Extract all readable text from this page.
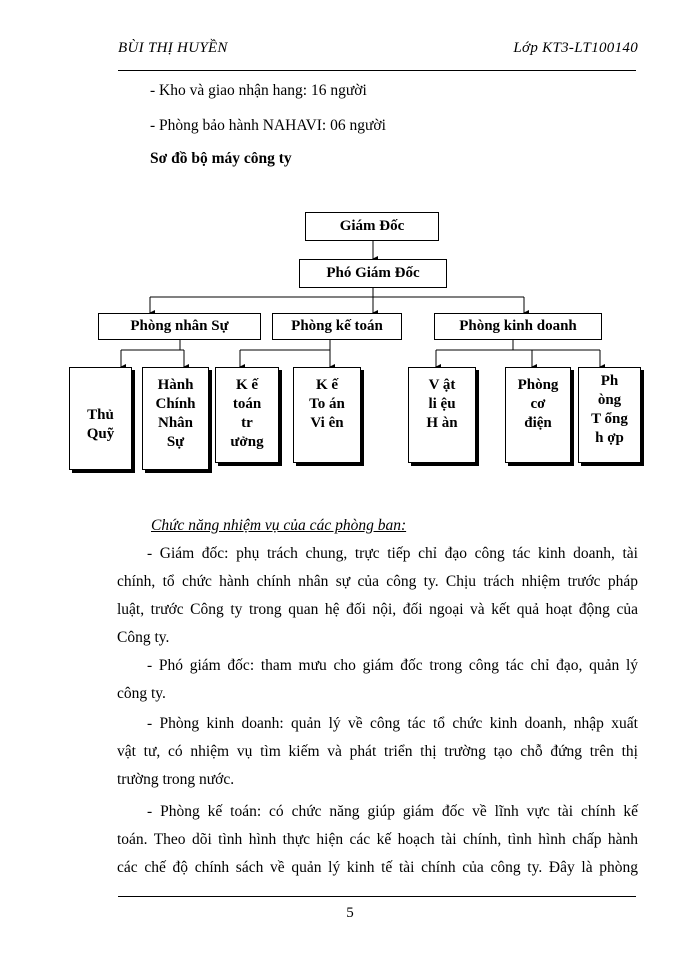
BÙI THỊ HUYỀN	Lớp KT3-LT100140
- Kho và giao nhận hang: 16 người
- Phòng bảo hành NAHAVI: 06 người
Sơ đồ bộ máy công ty
Giám Đốc
Phó Giám Đốc
Phòng nhân Sự	Phòng kế toán	Phòng kinh doanh
Thủ
Quỹ
Hành
Chính
Nhân
Sự
K ế
toán
tr
ưởng
K ế
To án
Vi ên
V ật
li ệu
H àn
Phòng
cơ
điện
Ph
òng
T ổng
h ợp
Chức năng nhiệm vụ của các phòng ban:
- Giám đốc: phụ trách chung, trực tiếp chỉ đạo công tác kinh doanh, tài
chính, tổ chức hành chính nhân sự của công ty. Chịu trách nhiệm trước pháp
luật, trước Công ty trong quan hệ đối nội, đối ngoại và kết quả hoạt động của
Công ty.
- Phó giám đốc: tham mưu cho giám đốc trong công tác chỉ đạo, quản lý
công ty.
- Phòng kinh doanh: quản lý về công tác tổ chức kinh doanh, nhập xuất
vật tư, có nhiệm vụ tìm kiếm và phát triển thị trường tạo chỗ đứng trên thị
trường trong nước.
- Phòng kế toán: có chức năng giúp giám đốc về lĩnh vực tài chính kế
toán. Theo dõi tình hình thực hiện các kế hoạch tài chính, tình hình chấp hành
các chế độ chính sách về quản lý kinh tế tài chính của công ty. Đây là phòng
5
